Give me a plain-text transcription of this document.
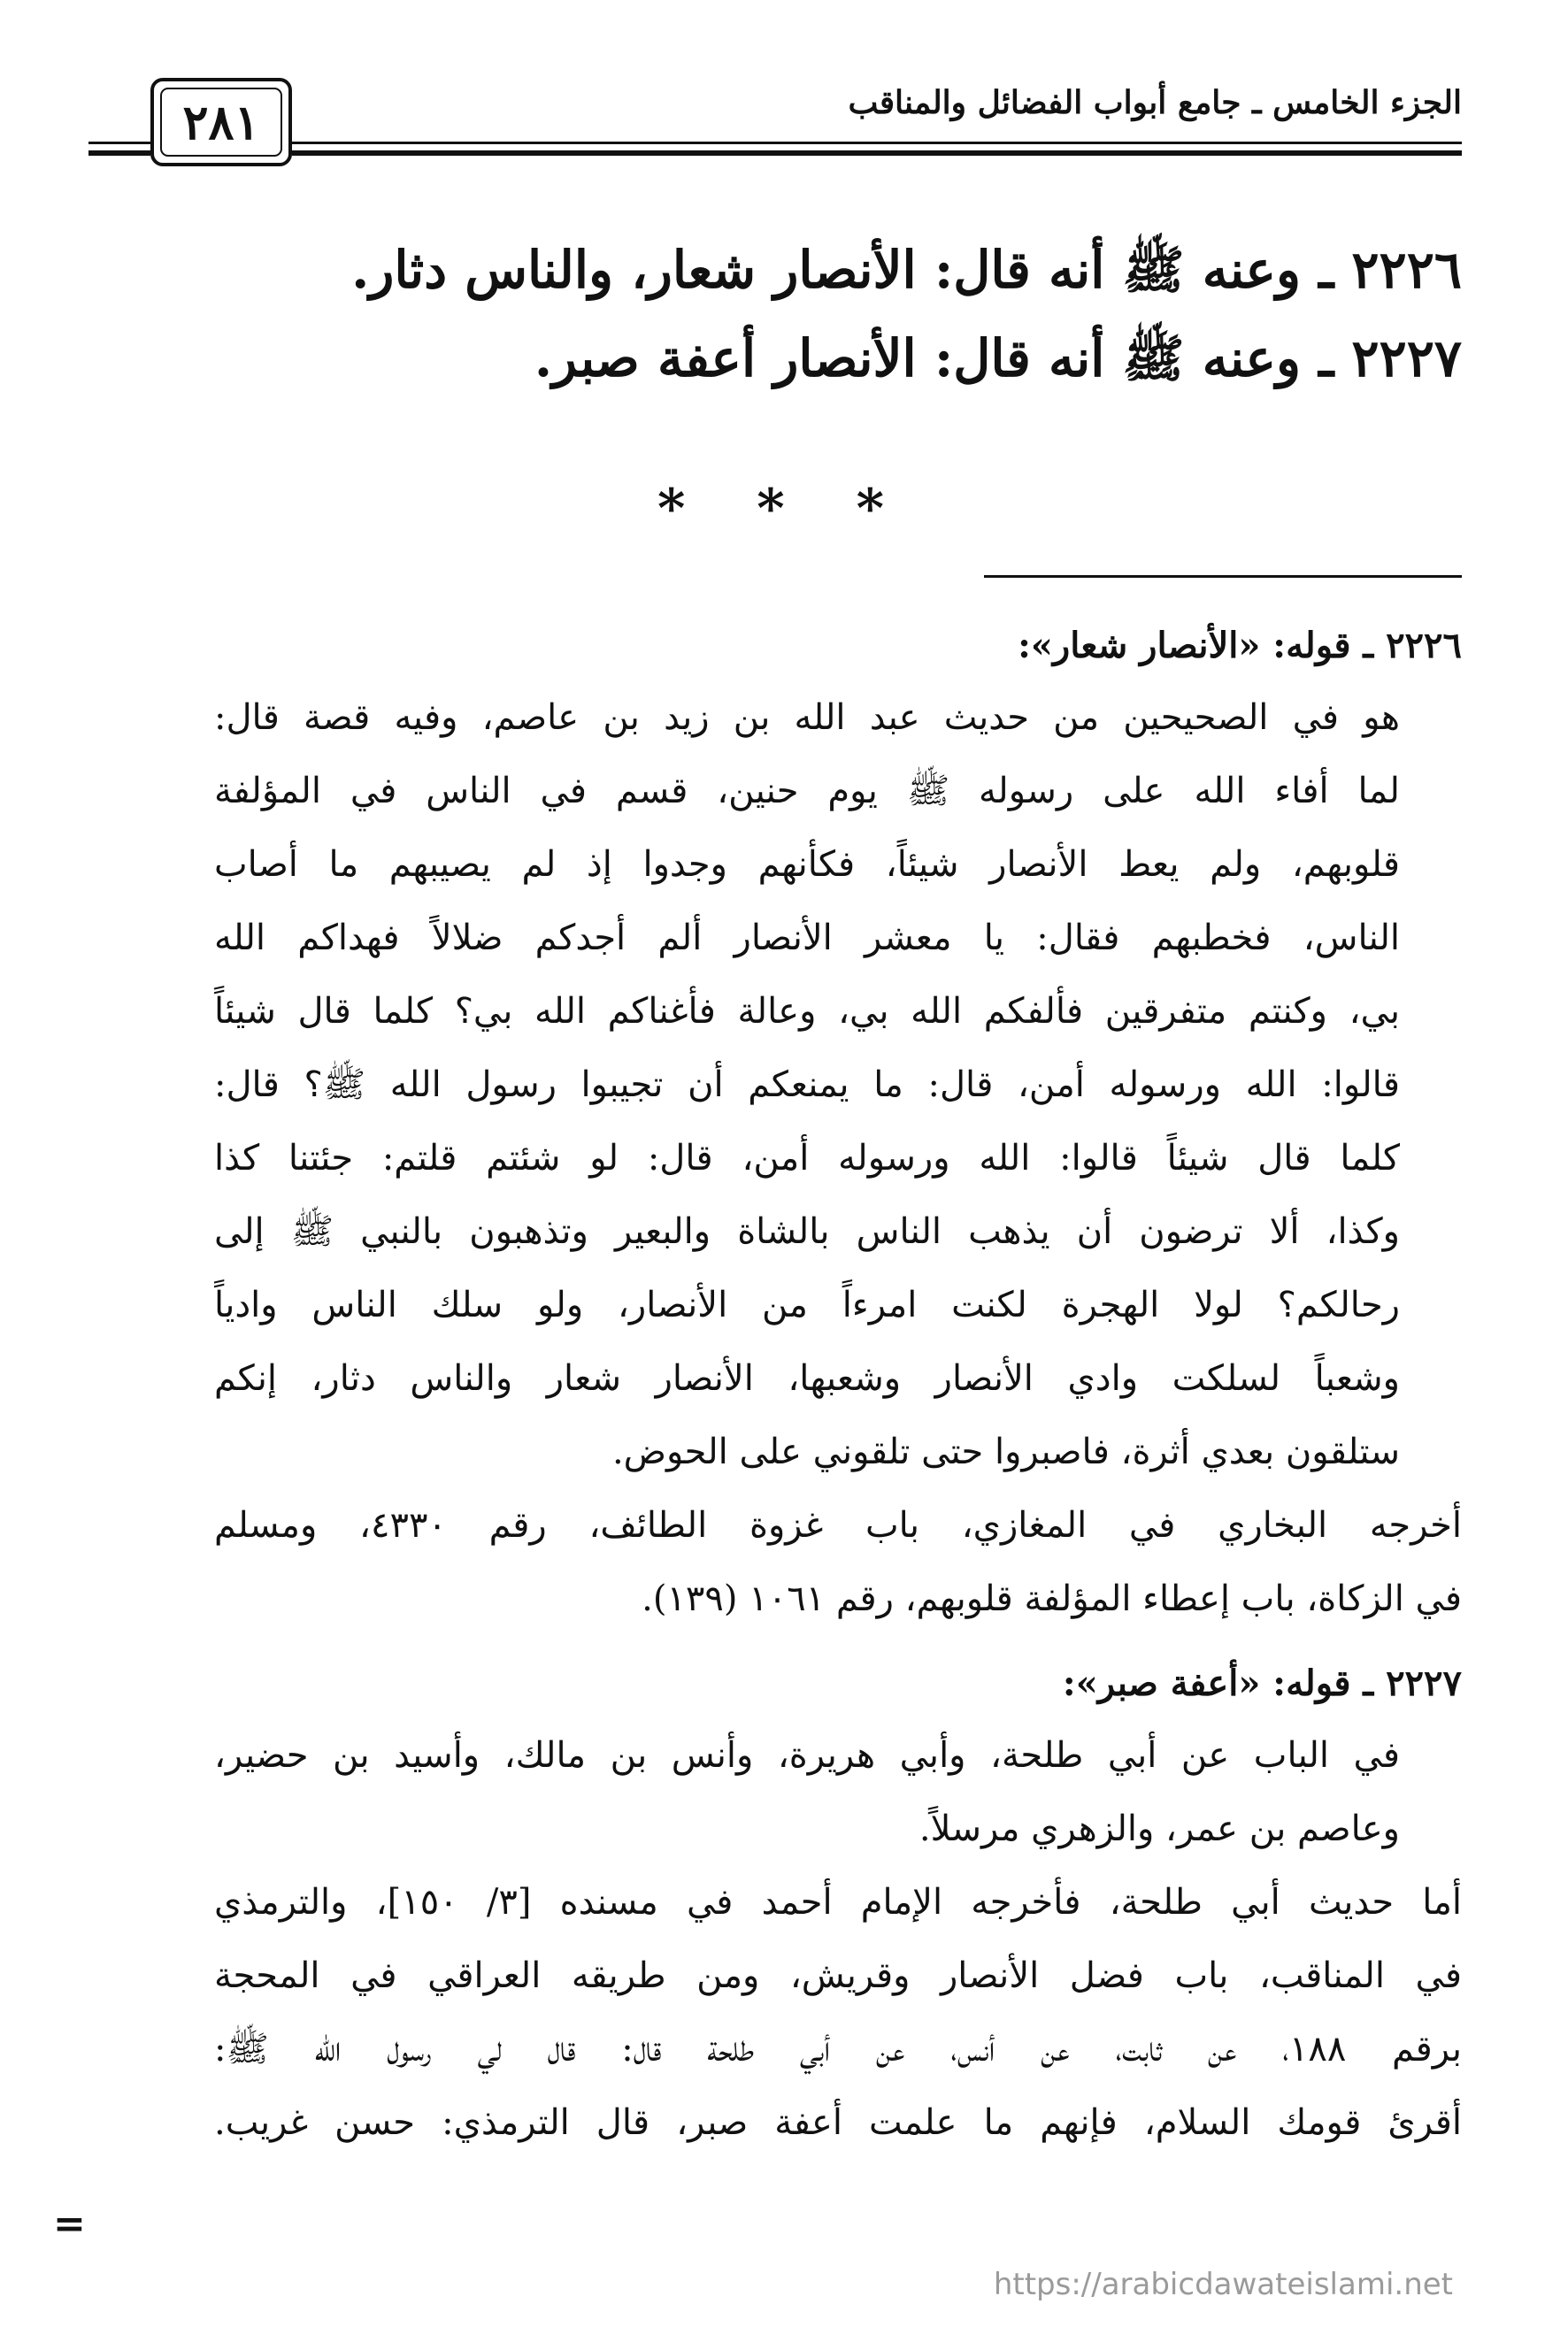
الجزء الخامس ـ جامع أبواب الفضائل والمناقب
٢٨١
٢٢٢٦ ـ وعنه ﷺ أنه قال: الأنصار شعار، والناس دثار.
٢٢٢٧ ـ وعنه ﷺ أنه قال: الأنصار أعفة صبر.
* * *
٢٢٢٦ ـ قوله: «الأنصار شعار»:
هو في الصحيحين من حديث عبد الله بن زيد بن عاصم، وفيه قصة قال:
لما أفاء الله على رسوله ﷺ يوم حنين، قسم في الناس في المؤلفة
قلوبهم، ولم يعط الأنصار شيئاً، فكأنهم وجدوا إذ لم يصيبهم ما أصاب
الناس، فخطبهم فقال: يا معشر الأنصار ألم أجدكم ضلالاً فهداكم الله
بي، وكنتم متفرقين فألفكم الله بي، وعالة فأغناكم الله بي؟ كلما قال شيئاً
قالوا: الله ورسوله أمن، قال: ما يمنعكم أن تجيبوا رسول الله ﷺ؟ قال:
كلما قال شيئاً قالوا: الله ورسوله أمن، قال: لو شئتم قلتم: جئتنا كذا
وكذا، ألا ترضون أن يذهب الناس بالشاة والبعير وتذهبون بالنبي ﷺ إلى
رحالكم؟ لولا الهجرة لكنت امرءاً من الأنصار، ولو سلك الناس وادياً
وشعباً لسلكت وادي الأنصار وشعبها، الأنصار شعار والناس دثار، إنكم
ستلقون بعدي أثرة، فاصبروا حتى تلقوني على الحوض.
أخرجه البخاري في المغازي، باب غزوة الطائف، رقم ٤٣٣٠، ومسلم
في الزكاة، باب إعطاء المؤلفة قلوبهم، رقم ١٠٦١ (١٣٩).
٢٢٢٧ ـ قوله: «أعفة صبر»:
في الباب عن أبي طلحة، وأبي هريرة، وأنس بن مالك، وأسيد بن حضير،
وعاصم بن عمر، والزهري مرسلاً.
أما حديث أبي طلحة، فأخرجه الإمام أحمد في مسنده [٣/ ١٥٠]، والترمذي
في المناقب، باب فضل الأنصار وقريش، ومن طريقه العراقي في المحجة
برقم ١٨٨، عن ثابت، عن أنس، عن أبي طلحة قال: قال لي رسول الله ﷺ:
أقرئ قومك السلام، فإنهم ما علمت أعفة صبر، قال الترمذي: حسن غريب.
=
https://arabicdawateislami.net
